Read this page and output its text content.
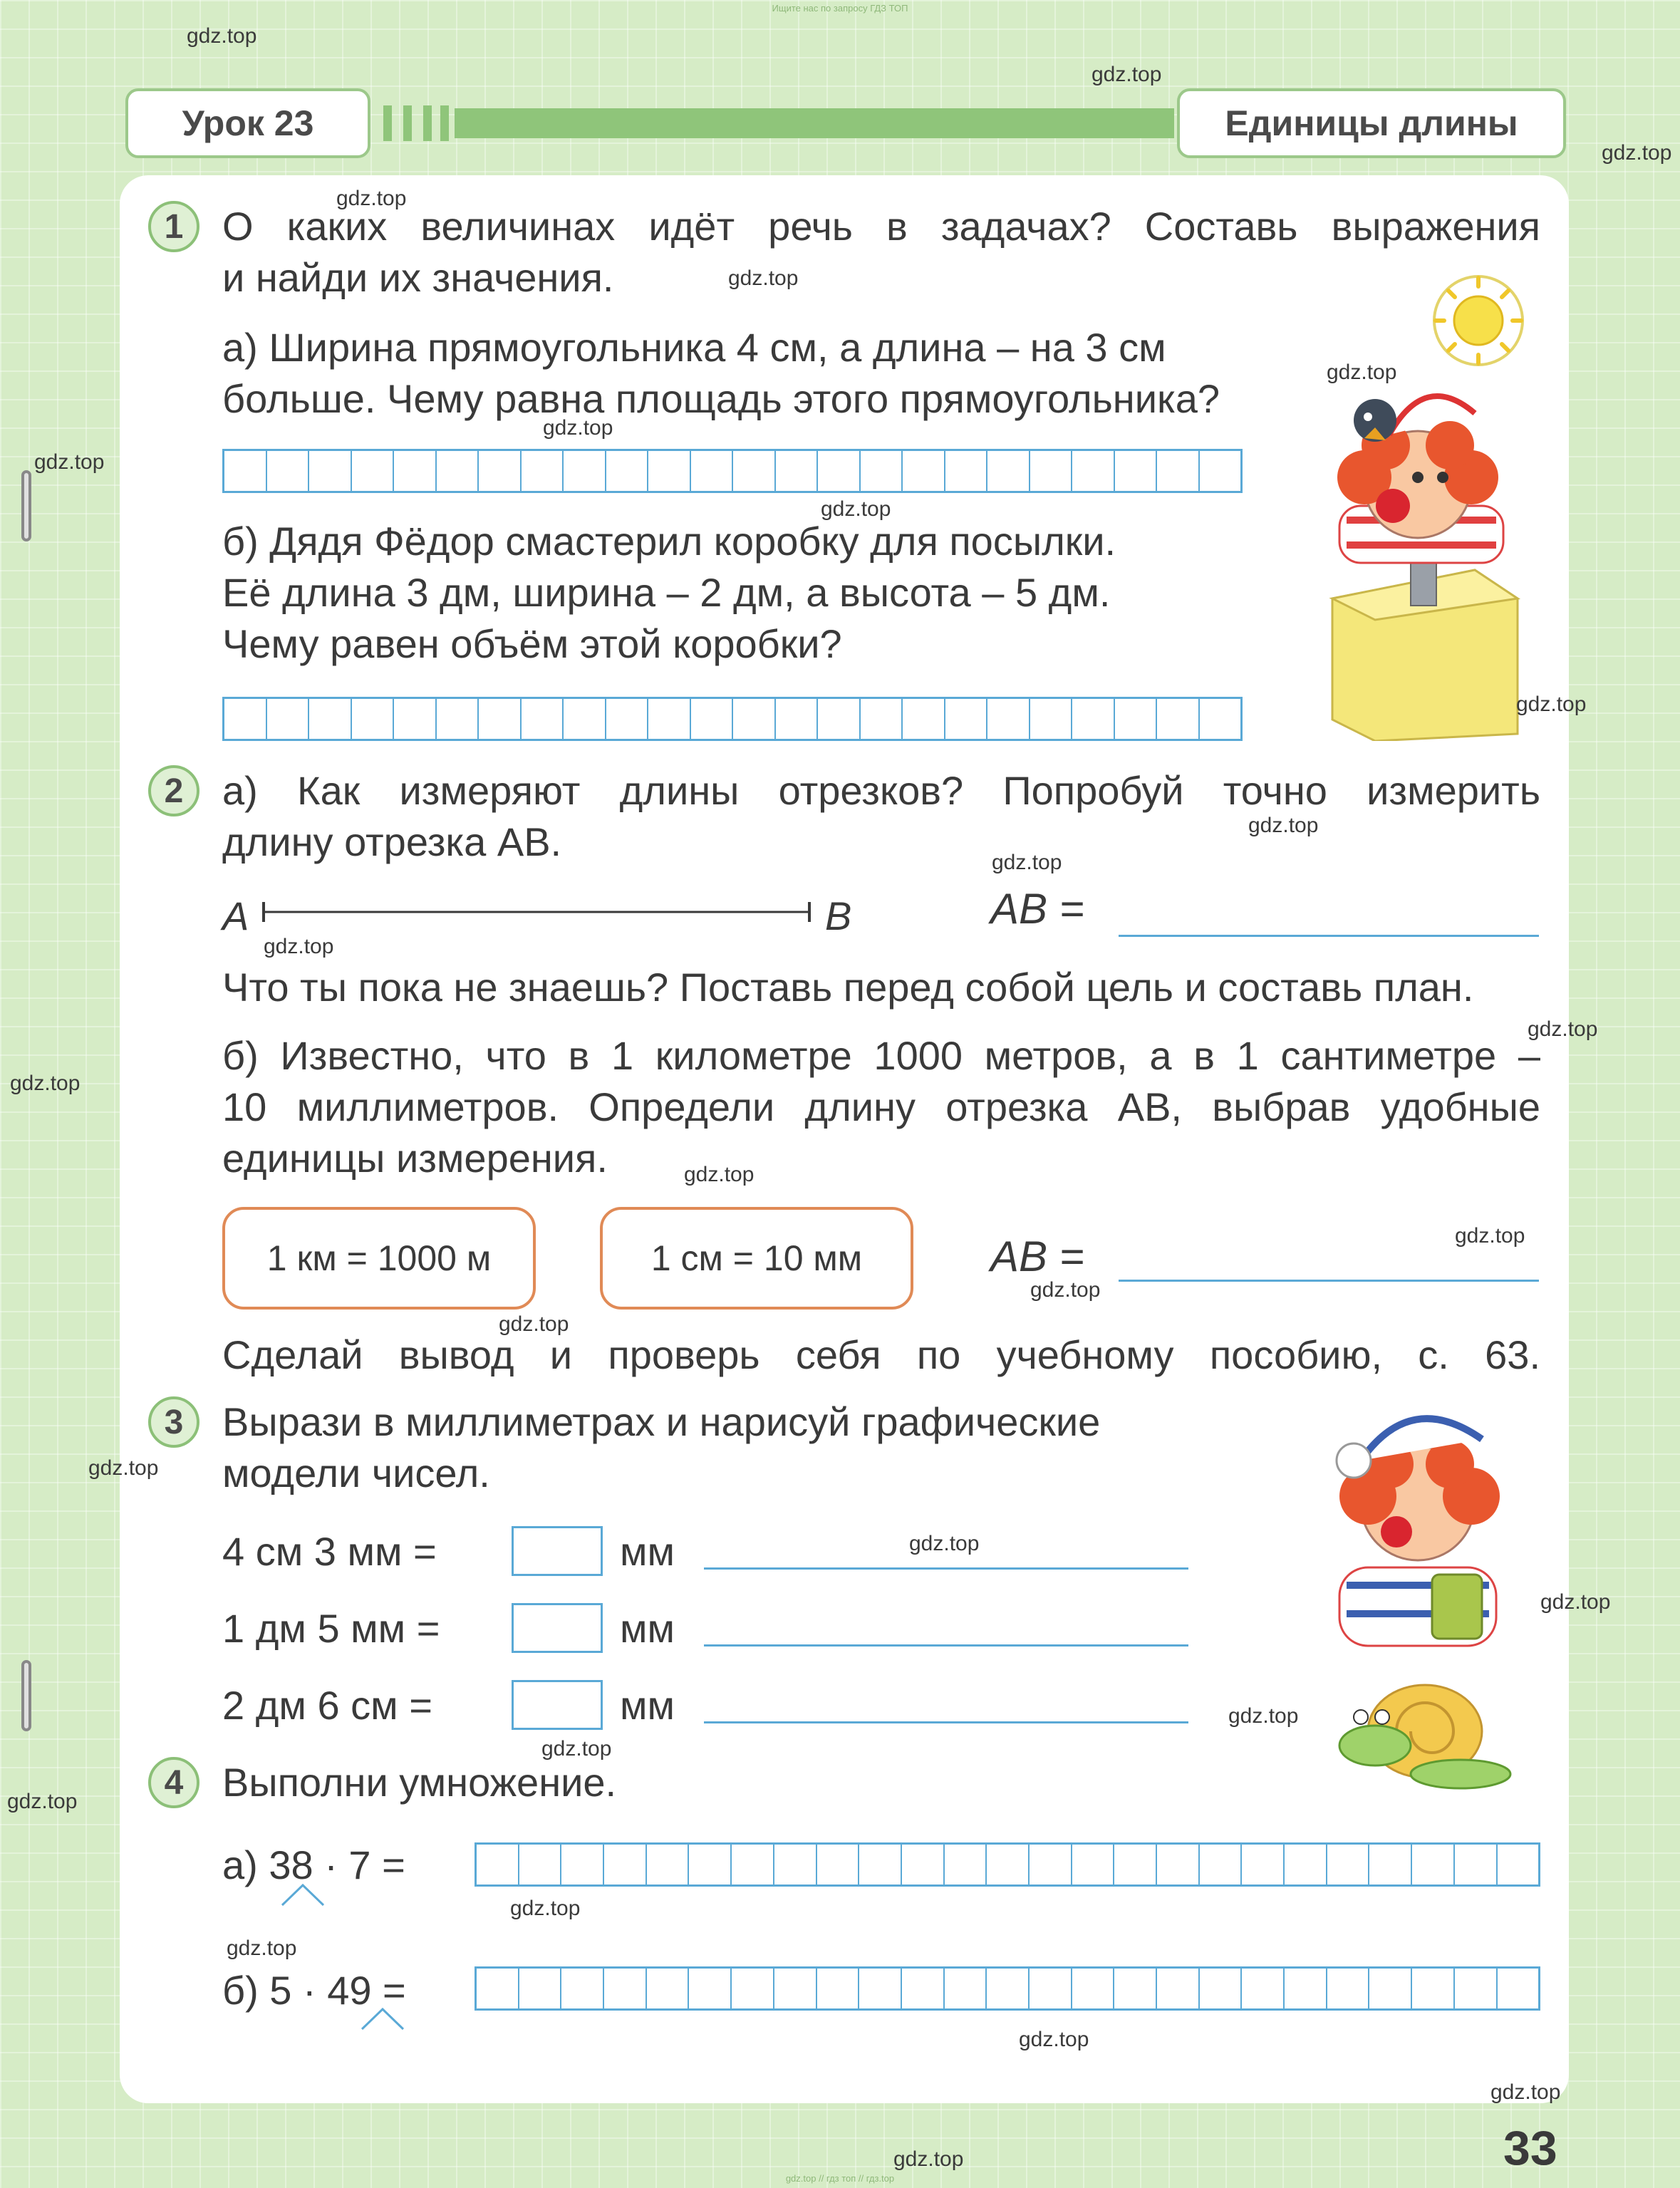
Ищите нас по запросу ГДЗ ТОП
Урок 23	Единицы длины
1 О каких величинах идёт речь в задачах? Составь выражения
и найди их значения.
а) Ширина прямоугольника 4 см, а длина – на 3 см
больше. Чему равна площадь этого прямоугольника?
б) Дядя Фёдор смастерил коробку для посылки.
Её длина 3 дм, ширина – 2 дм, а высота – 5 дм.
Чему равен объём этой коробки?
2 а) Как измеряют длины отрезков? Попробуй точно измерить
длину отрезка AB.
A	B	AB =
Что ты пока не знаешь? Поставь перед собой цель и составь план.
б) Известно, что в 1 километре 1000 метров, а в 1 сантиметре –
10 миллиметров. Определи длину отрезка AB, выбрав удобные
единицы измерения.
1 км = 1000 м	1 см = 10 мм	AB =
Сделай вывод и проверь себя по учебному пособию, с. 63.
3 Вырази в миллиметрах и нарисуй графические
модели чисел.
4 см 3 мм =	мм
1 дм 5 мм =	мм
2 дм 6 см =	мм
4 Выполни умножение.
а) 38 · 7 =
б) 5 · 49 =
33
gdz.top
gdz.top
gdz.top
gdz.top
gdz.top
gdz.top
gdz.top
gdz.top
gdz.top
gdz.top
gdz.top
gdz.top
gdz.top
gdz.top
gdz.top
gdz.top
gdz.top
gdz.top
gdz.top
gdz.top
gdz.top
gdz.top
gdz.top
gdz.top
gdz.top
gdz.top
gdz.top
gdz.top
gdz.top
gdz.top
gdz.top // гдз топ // гдз.top
